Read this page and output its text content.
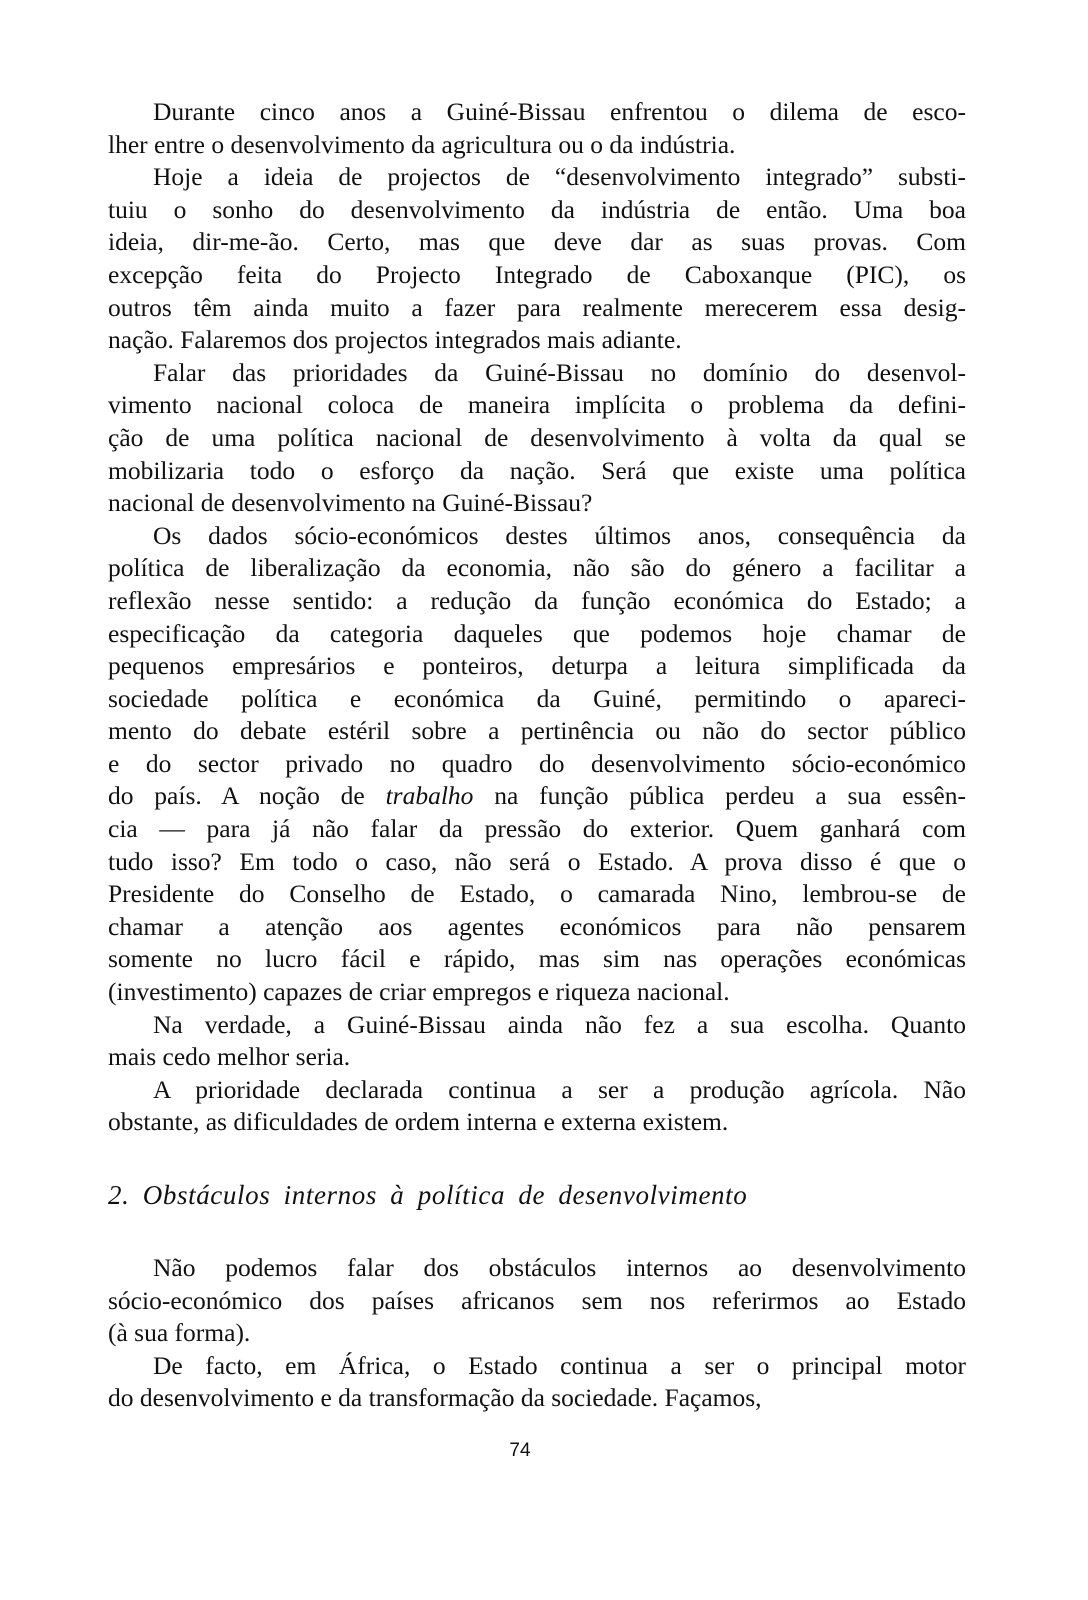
Durante cinco anos a Guiné-Bissau enfrentou o dilema de esco-
lher entre o desenvolvimento da agricultura ou o da indústria.
Hoje a ideia de projectos de “desenvolvimento integrado” substi-
tuiu o sonho do desenvolvimento da indústria de então. Uma boa
ideia, dir-me-ão. Certo, mas que deve dar as suas provas. Com
excepção feita do Projecto Integrado de Caboxanque (PIC), os
outros têm ainda muito a fazer para realmente merecerem essa desig-
nação. Falaremos dos projectos integrados mais adiante.
Falar das prioridades da Guiné-Bissau no domínio do desenvol-
vimento nacional coloca de maneira implícita o problema da defini-
ção de uma política nacional de desenvolvimento à volta da qual se
mobilizaria todo o esforço da nação. Será que existe uma política
nacional de desenvolvimento na Guiné-Bissau?
Os dados sócio-económicos destes últimos anos, consequência da
política de liberalização da economia, não são do género a facilitar a
reflexão nesse sentido: a redução da função económica do Estado; a
especificação da categoria daqueles que podemos hoje chamar de
pequenos empresários e ponteiros, deturpa a leitura simplificada da
sociedade política e económica da Guiné, permitindo o apareci-
mento do debate estéril sobre a pertinência ou não do sector público
e do sector privado no quadro do desenvolvimento sócio-económico
do país. A noção de trabalho na função pública perdeu a sua essên-
cia — para já não falar da pressão do exterior. Quem ganhará com
tudo isso? Em todo o caso, não será o Estado. A prova disso é que o
Presidente do Conselho de Estado, o camarada Nino, lembrou-se de
chamar a atenção aos agentes económicos para não pensarem
somente no lucro fácil e rápido, mas sim nas operações económicas
(investimento) capazes de criar empregos e riqueza nacional.
Na verdade, a Guiné-Bissau ainda não fez a sua escolha. Quanto
mais cedo melhor seria.
A prioridade declarada continua a ser a produção agrícola. Não
obstante, as dificuldades de ordem interna e externa existem.
2. Obstáculos internos à política de desenvolvimento
Não podemos falar dos obstáculos internos ao desenvolvimento
sócio-económico dos países africanos sem nos referirmos ao Estado
(à sua forma).
De facto, em África, o Estado continua a ser o principal motor
do desenvolvimento e da transformação da sociedade. Façamos,
74
